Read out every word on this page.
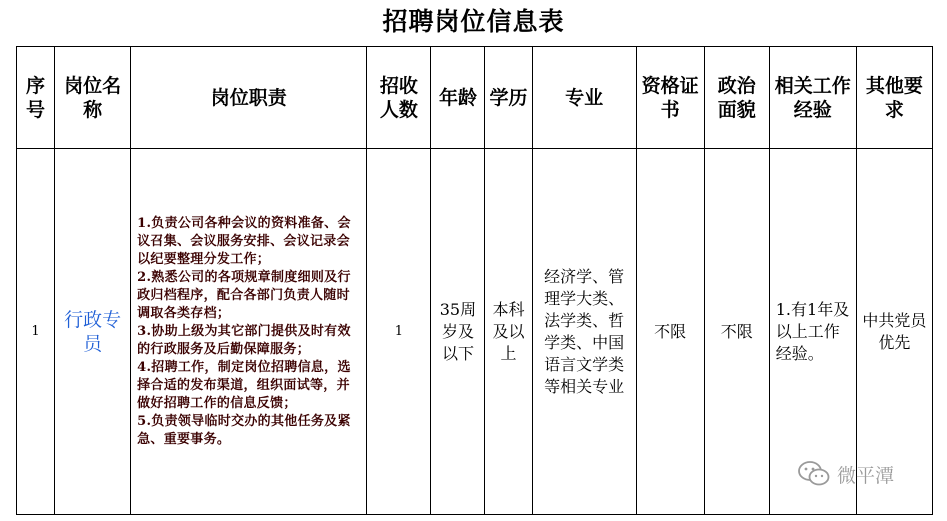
招聘岗位信息表
序号	岗位名称	岗位职责	招收人数	年龄	学历	专业	资格证书	政治面貌	相关工作经验	其他要求

1	行政专员	1.负责公司各种会议的资料准备、会议召集、会议服务安排、会议记录会以纪要整理分发工作；
2.熟悉公司的各项规章制度细则及行政归档程序，配合各部门负责人随时调取各类存档；
3.协助上级为其它部门提供及时有效的行政服务及后勤保障服务；
4.招聘工作，制定岗位招聘信息，选择合适的发布渠道，组织面试等，并做好招聘工作的信息反馈；
5.负责领导临时交办的其他任务及紧急、重要事务。	1	35周岁及以下	本科及以上	经济学、管理学大类、法学类、哲学类、中国语言文学类等相关专业	不限	不限	1.有1年及以上工作经验。	中共党员优先
微平潭
